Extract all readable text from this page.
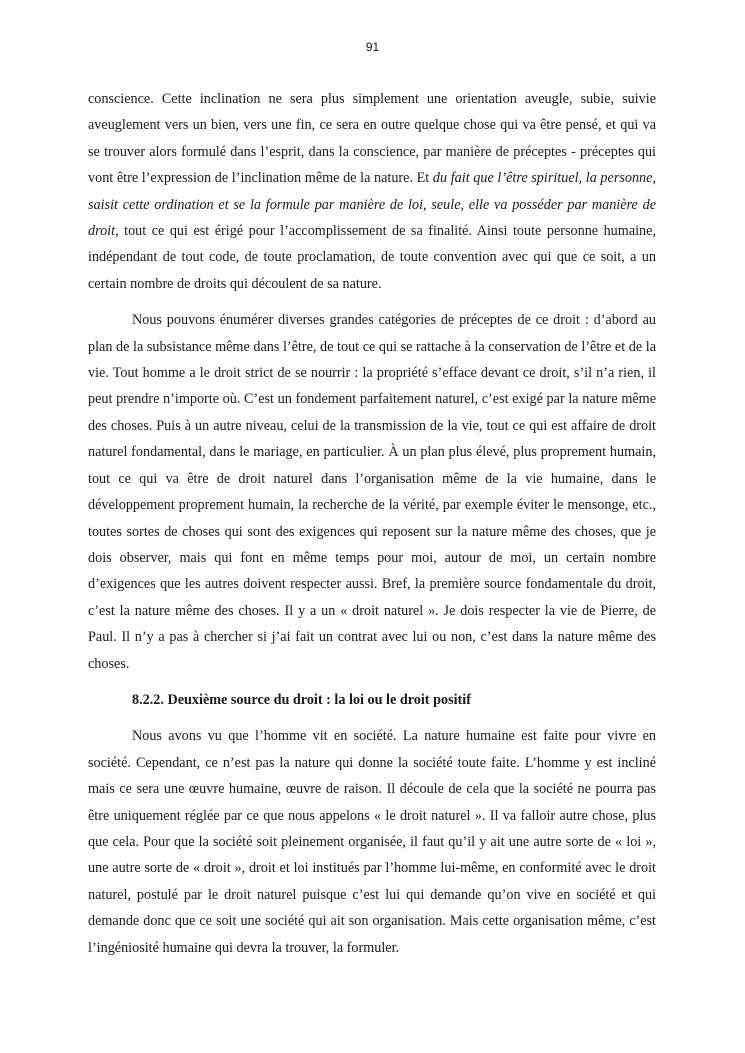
91

conscience. Cette inclination ne sera plus simplement une orientation aveugle, subie, suivie aveuglement vers un bien, vers une fin, ce sera en outre quelque chose qui va être pensé, et qui va se trouver alors formulé dans l’esprit, dans la conscience, par manière de préceptes - préceptes qui vont être l’expression de l’inclination même de la nature. Et du fait que l’être spirituel, la personne, saisit cette ordination et se la formule par manière de loi, seule, elle va posséder par manière de droit, tout ce qui est érigé pour l’accomplissement de sa finalité. Ainsi toute personne humaine, indépendant de tout code, de toute proclamation, de toute convention avec qui que ce soit, a un certain nombre de droits qui découlent de sa nature.

Nous pouvons énumérer diverses grandes catégories de préceptes de ce droit : d’abord au plan de la subsistance même dans l’être, de tout ce qui se rattache à la conservation de l’être et de la vie. Tout homme a le droit strict de se nourrir : la propriété s’efface devant ce droit, s’il n’a rien, il peut prendre n’importe où. C’est un fondement parfaitement naturel, c’est exigé par la nature même des choses. Puis à un autre niveau, celui de la transmission de la vie, tout ce qui est affaire de droit naturel fondamental, dans le mariage, en particulier. À un plan plus élevé, plus proprement humain, tout ce qui va être de droit naturel dans l’organisation même de la vie humaine, dans le développement proprement humain, la recherche de la vérité, par exemple éviter le mensonge, etc., toutes sortes de choses qui sont des exigences qui reposent sur la nature même des choses, que je dois observer, mais qui font en même temps pour moi, autour de moi, un certain nombre d’exigences que les autres doivent respecter aussi. Bref, la première source fondamentale du droit, c’est la nature même des choses. Il y a un « droit naturel ». Je dois respecter la vie de Pierre, de Paul. Il n’y a pas à chercher si j’ai fait un contrat avec lui ou non, c’est dans la nature même des choses.

8.2.2. Deuxième source du droit : la loi ou le droit positif

Nous avons vu que l’homme vit en société. La nature humaine est faite pour vivre en société. Cependant, ce n’est pas la nature qui donne la société toute faite. L’homme y est incliné mais ce sera une œuvre humaine, œuvre de raison. Il découle de cela que la société ne pourra pas être uniquement réglée par ce que nous appelons « le droit naturel ». Il va falloir autre chose, plus que cela. Pour que la société soit pleinement organisée, il faut qu’il y ait une autre sorte de « loi », une autre sorte de « droit », droit et loi institués par l’homme lui-même, en conformité avec le droit naturel, postulé par le droit naturel puisque c’est lui qui demande qu’on vive en société et qui demande donc que ce soit une société qui ait son organisation. Mais cette organisation même, c’est l’ingéniosité humaine qui devra la trouver, la formuler.
